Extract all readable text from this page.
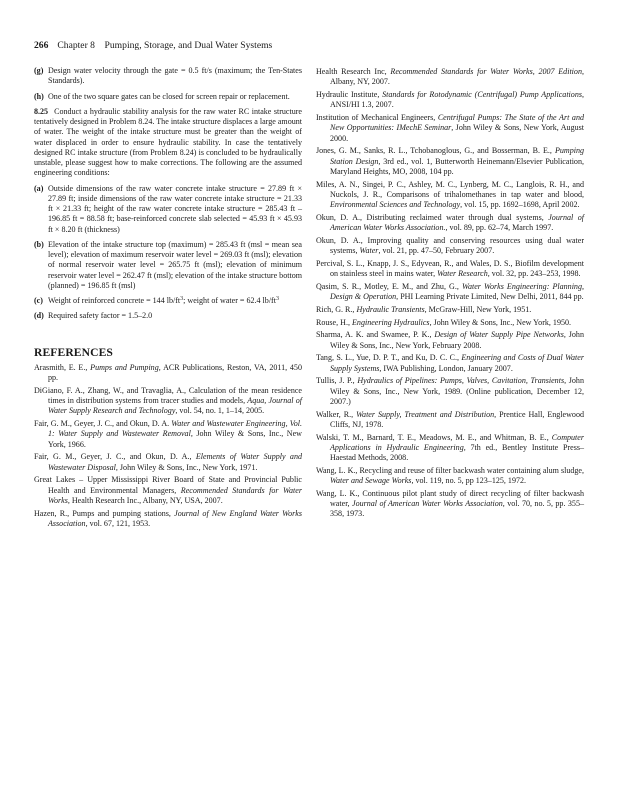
266 Chapter 8    Pumping, Storage, and Dual Water Systems
(g) Design water velocity through the gate = 0.5 ft/s (maximum; the Ten-States Standards).
(h) One of the two square gates can be closed for screen repair or replacement.
8.25 Conduct a hydraulic stability analysis for the raw water RC intake structure tentatively designed in Problem 8.24. The intake structure displaces a large amount of water. The weight of the intake structure must be greater than the weight of water displaced in order to ensure hydraulic stability. In case the tentatively designed RC intake structure (from Problem 8.24) is concluded to be hydraulically unstable, please suggest how to make corrections. The following are the assumed engineering conditions:
(a) Outside dimensions of the raw water concrete intake structure = 27.89 ft × 27.89 ft; inside dimensions of the raw water concrete intake structure = 21.33 ft × 21.33 ft; height of the raw water concrete intake structure = 285.43 ft – 196.85 ft = 88.58 ft; base-reinforced concrete slab selected = 45.93 ft × 45.93 ft × 8.20 ft (thickness)
(b) Elevation of the intake structure top (maximum) = 285.43 ft (msl = mean sea level); elevation of maximum reservoir water level = 269.03 ft (msl); elevation of normal reservoir water level = 265.75 ft (msl); elevation of minimum reservoir water level = 262.47 ft (msl); elevation of the intake structure bottom (planned) = 196.85 ft (msl)
(c) Weight of reinforced concrete = 144 $lb/ft^3$; weight of water = 62.4 $lb/ft^3$
(d) Required safety factor = 1.5–2.0
REFERENCES
Arasmith, E. E., Pumps and Pumping, ACR Publications, Reston, VA, 2011, 450 pp.
DiGiano, F. A., Zhang, W., and Travaglia, A., Calculation of the mean residence times in distribution systems from tracer studies and models, Aqua, Journal of Water Supply Research and Technology, vol. 54, no. 1, 1–14, 2005.
Fair, G. M., Geyer, J. C., and Okun, D. A. Water and Wastewater Engineering, Vol. 1: Water Supply and Wastewater Removal, John Wiley & Sons, Inc., New York, 1966.
Fair, G. M., Geyer, J. C., and Okun, D. A., Elements of Water Supply and Wastewater Disposal, John Wiley & Sons, Inc., New York, 1971.
Great Lakes – Upper Mississippi River Board of State and Provincial Public Health and Environmental Managers, Recommended Standards for Water Works, Health Research Inc., Albany, NY, USA, 2007.
Hazen, R., Pumps and pumping stations, Journal of New England Water Works Association, vol. 67, 121, 1953.
Health Research Inc, Recommended Standards for Water Works, 2007 Edition, Albany, NY, 2007.
Hydraulic Institute, Standards for Rotodynamic (Centrifugal) Pump Applications, ANSI/HI 1.3, 2007.
Institution of Mechanical Engineers, Centrifugal Pumps: The State of the Art and New Opportunities: IMechE Seminar, John Wiley & Sons, New York, August 2000.
Jones, G. M., Sanks, R. L., Tchobanoglous, G., and Bosserman, B. E., Pumping Station Design, 3rd ed., vol. 1, Butterworth Heinemann/Elsevier Publication, Maryland Heights, MO, 2008, 104 pp.
Miles, A. N., Singei, P. C., Ashley, M. C., Lynberg, M. C., Langlois, R. H., and Nuckols, J. R., Comparisons of trihalomethanes in tap water and blood, Environmental Sciences and Technology, vol. 15, pp. 1692–1698, April 2002.
Okun, D. A., Distributing reclaimed water through dual systems, Journal of American Water Works Association., vol. 89, pp. 62–74, March 1997.
Okun, D. A., Improving quality and conserving resources using dual water systems, Water, vol. 21, pp. 47–50, February 2007.
Percival, S. L., Knapp, J. S., Edyvean, R., and Wales, D. S., Biofilm development on stainless steel in mains water, Water Research, vol. 32, pp. 243–253, 1998.
Qasim, S. R., Motley, E. M., and Zhu, G., Water Works Engineering: Planning, Design & Operation, PHI Learning Private Limited, New Delhi, 2011, 844 pp.
Rich, G. R., Hydraulic Transients, McGraw-Hill, New York, 1951.
Rouse, H., Engineering Hydraulics, John Wiley & Sons, Inc., New York, 1950.
Sharma, A. K. and Swamee, P. K., Design of Water Supply Pipe Networks, John Wiley & Sons, Inc., New York, February 2008.
Tang, S. L., Yue, D. P. T., and Ku, D. C. C., Engineering and Costs of Dual Water Supply Systems, IWA Publishing, London, January 2007.
Tullis, J. P., Hydraulics of Pipelines: Pumps, Valves, Cavitation, Transients, John Wiley & Sons, Inc., New York, 1989. (Online publication, December 12, 2007.)
Walker, R., Water Supply, Treatment and Distribution, Prentice Hall, Englewood Cliffs, NJ, 1978.
Walski, T. M., Barnard, T. E., Meadows, M. E., and Whitman, B. E., Computer Applications in Hydraulic Engineering, 7th ed., Bentley Institute Press–Haestad Methods, 2008.
Wang, L. K., Recycling and reuse of filter backwash water containing alum sludge, Water and Sewage Works, vol. 119, no. 5, pp 123–125, 1972.
Wang, L. K., Continuous pilot plant study of direct recycling of filter backwash water, Journal of American Water Works Association, vol. 70, no. 5, pp. 355–358, 1973.
